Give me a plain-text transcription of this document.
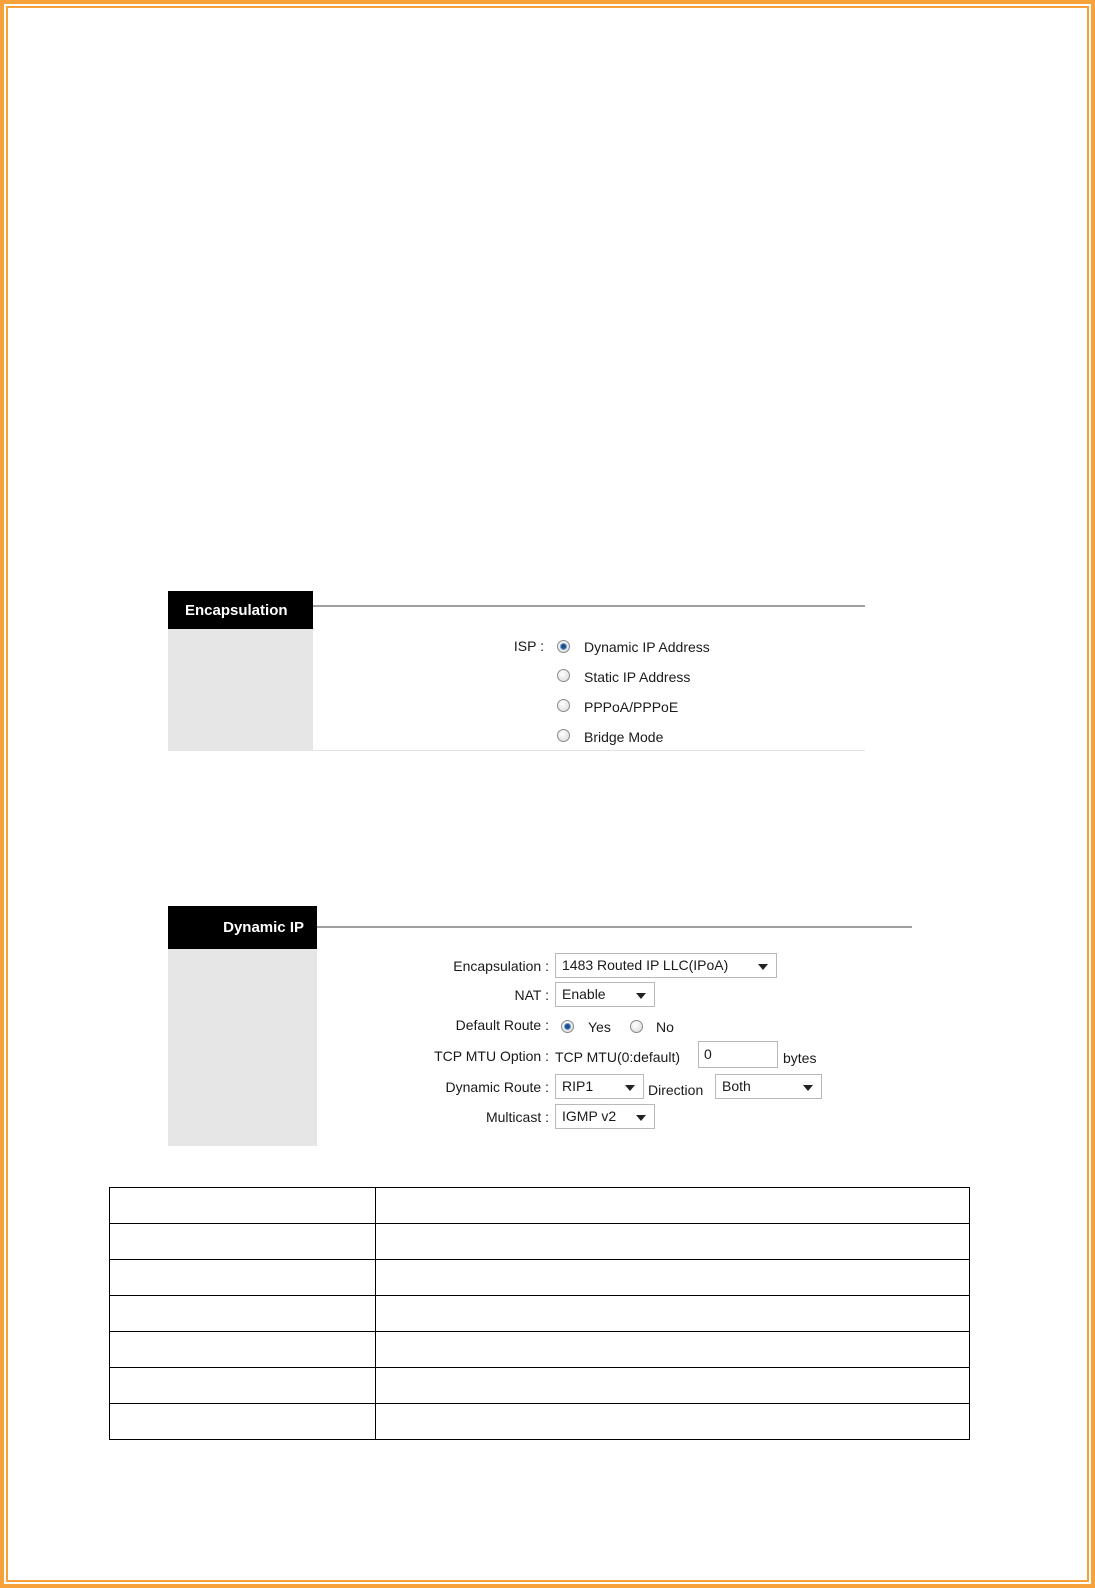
Encapsulation
ISP :	Dynamic IP Address
Static IP Address
PPPoA/PPPoE
Bridge Mode
Dynamic IP
Encapsulation : 1483 Routed IP LLC(IPoA)
NAT : Enable
Default Route :	Yes	No
TCP MTU Option : TCP MTU(0:default)	0	bytes
Dynamic Route : RIP1	Direction	Both
Multicast : IGMP v2
